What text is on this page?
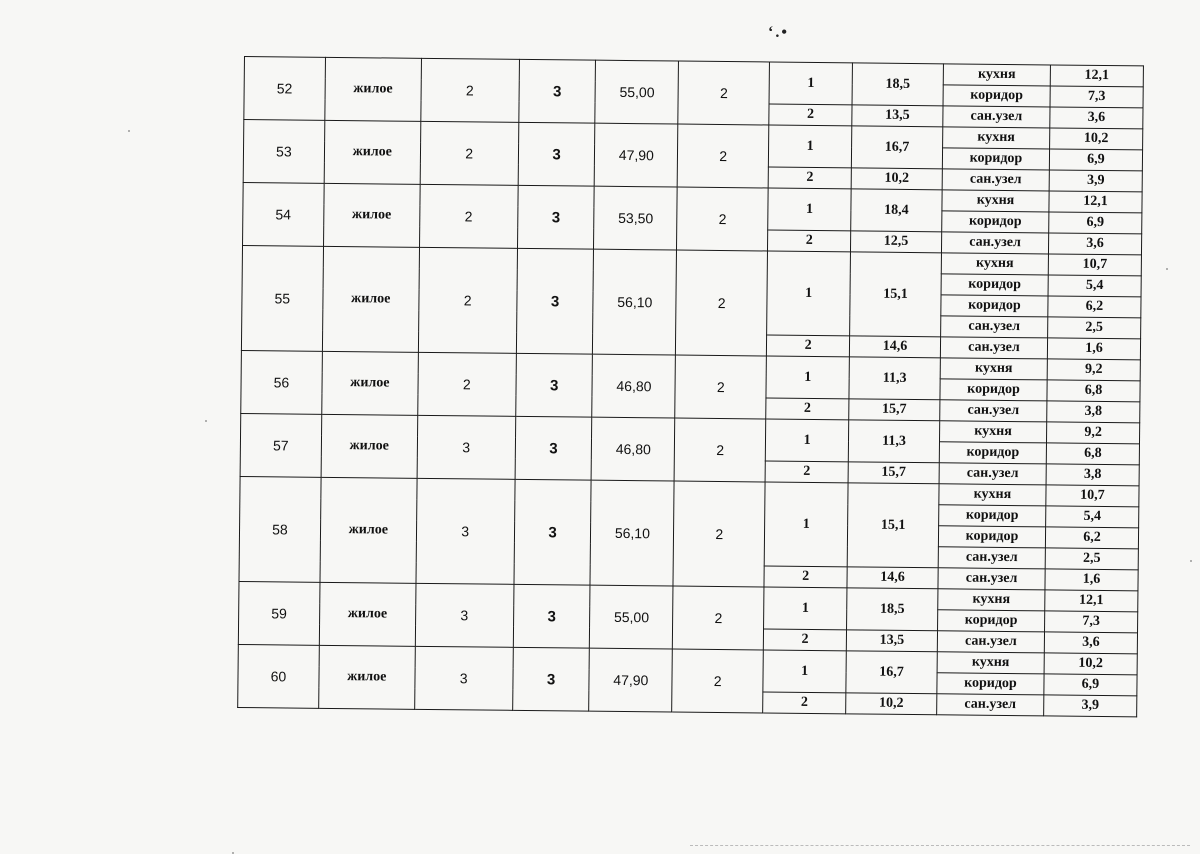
‘.•
52	жилое	2	3	55,00	2	1	18,5	кухня	12,1
								коридор	7,3
						2	13,5	сан.узел	3,6
53	жилое	2	3	47,90	2	1	16,7	кухня	10,2
								коридор	6,9
						2	10,2	сан.узел	3,9
54	жилое	2	3	53,50	2	1	18,4	кухня	12,1
								коридор	6,9
						2	12,5	сан.узел	3,6
55	жилое	2	3	56,10	2	1	15,1	кухня	10,7
								коридор	5,4
								коридор	6,2
								сан.узел	2,5
						2	14,6	сан.узел	1,6
56	жилое	2	3	46,80	2	1	11,3	кухня	9,2
								коридор	6,8
						2	15,7	сан.узел	3,8
57	жилое	3	3	46,80	2	1	11,3	кухня	9,2
								коридор	6,8
						2	15,7	сан.узел	3,8
58	жилое	3	3	56,10	2	1	15,1	кухня	10,7
								коридор	5,4
								коридор	6,2
								сан.узел	2,5
						2	14,6	сан.узел	1,6
59	жилое	3	3	55,00	2	1	18,5	кухня	12,1
								коридор	7,3
						2	13,5	сан.узел	3,6
60	жилое	3	3	47,90	2	1	16,7	кухня	10,2
								коридор	6,9
						2	10,2	сан.узел	3,9
